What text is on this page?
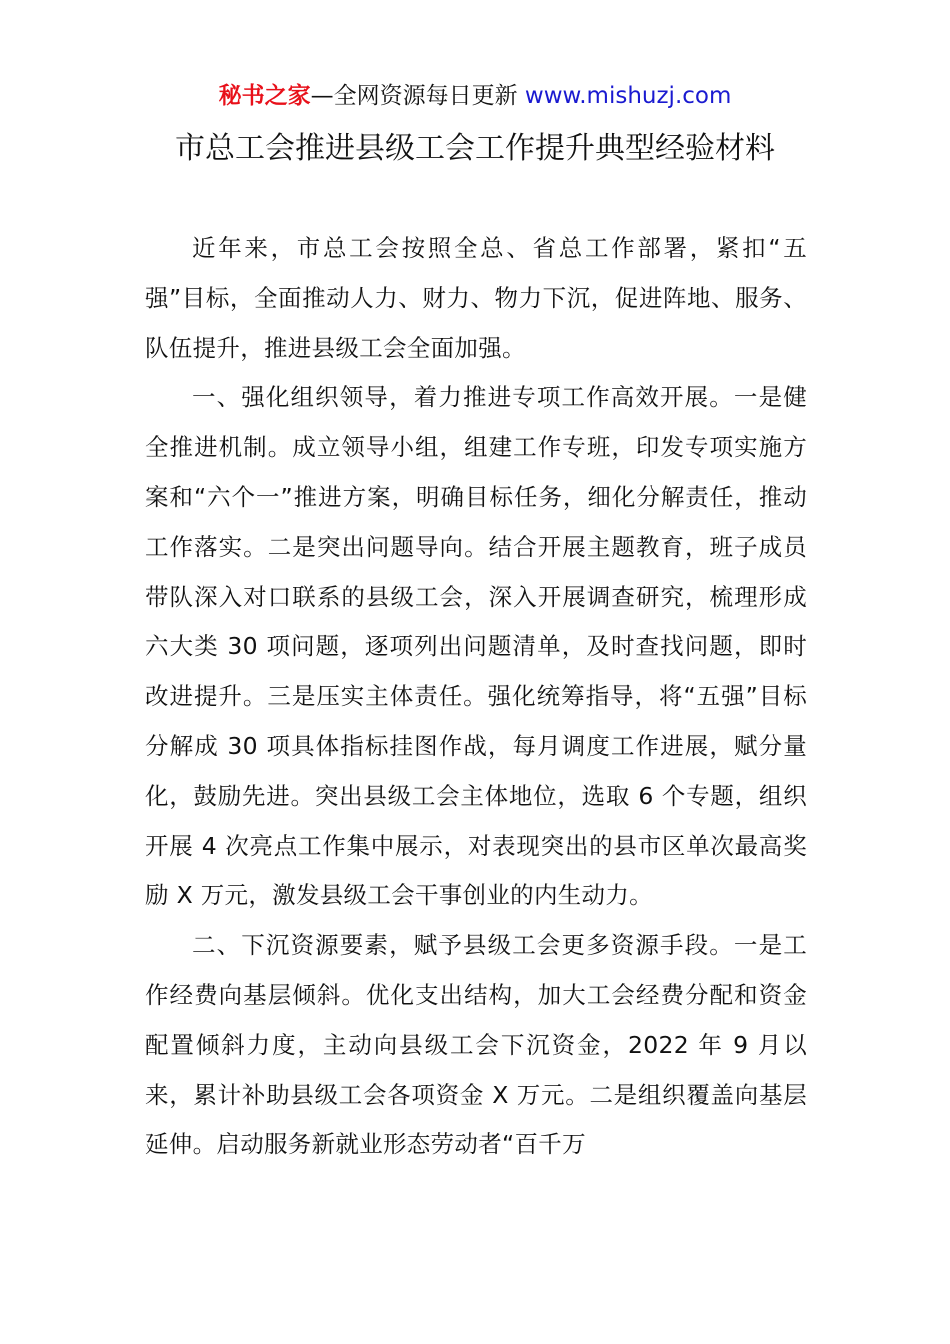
秘书之家—全网资源每日更新 www.mishuzj.com
市总工会推进县级工会工作提升典型经验材料

近年来，市总工会按照全总、省总工作部署，紧扣“五强”目标，全面推动人力、财力、物力下沉，促进阵地、服务、队伍提升，推进县级工会全面加强。

一、强化组织领导，着力推进专项工作高效开展。一是健全推进机制。成立领导小组，组建工作专班，印发专项实施方案和“六个一”推进方案，明确目标任务，细化分解责任，推动工作落实。二是突出问题导向。结合开展主题教育，班子成员带队深入对口联系的县级工会，深入开展调查研究，梳理形成六大类 30 项问题，逐项列出问题清单，及时查找问题，即时改进提升。三是压实主体责任。强化统筹指导，将“五强”目标分解成 30 项具体指标挂图作战，每月调度工作进展，赋分量化，鼓励先进。突出县级工会主体地位，选取 6 个专题，组织开展 4 次亮点工作集中展示，对表现突出的县市区单次最高奖励 X 万元，激发县级工会干事创业的内生动力。

二、下沉资源要素，赋予县级工会更多资源手段。一是工作经费向基层倾斜。优化支出结构，加大工会经费分配和资金配置倾斜力度，主动向县级工会下沉资金，2022 年 9 月以来，累计补助县级工会各项资金 X 万元。二是组织覆盖向基层延伸。启动服务新就业形态劳动者“百千万
